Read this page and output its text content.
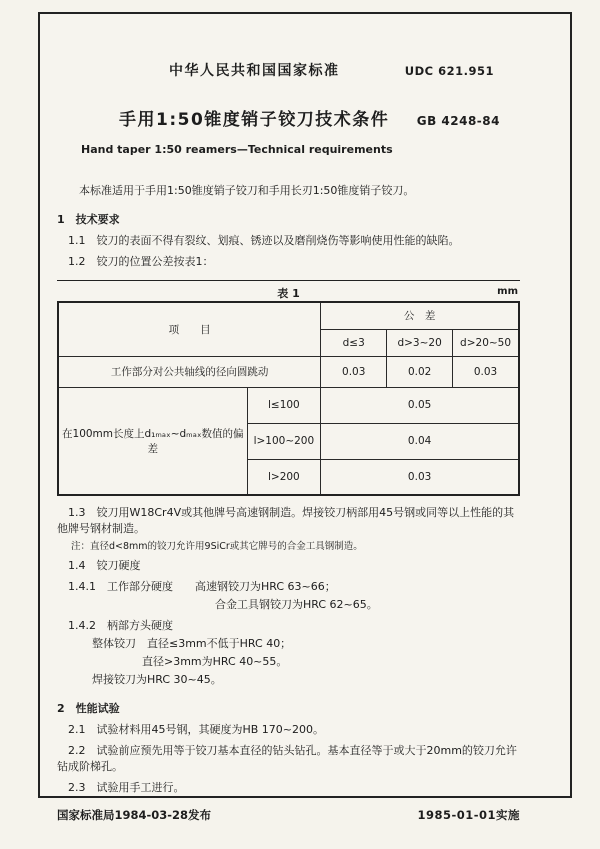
中华人民共和国国家标准	UDC 621.951
手用1:50锥度销子铰刀技术条件 GB 4248-84
Hand taper 1:50 reamers—Technical requirements

本标准适用于手用1:50锥度销子铰刀和手用长刃1:50锥度销子铰刀。

1　技术要求

1.1　铰刀的表面不得有裂纹、划痕、锈迹以及磨削烧伤等影响使用性能的缺陷。

1.2　铰刀的位置公差按表1：

表 1	mm
项　　目		公　差		
		d≤3	d>3~20	d>20~50
工作部分对公共轴线的径向圆跳动		0.03	0.02	0.03
在100mm长度上d₁ₘₐₓ~dₘₐₓ数值的偏差	l≤100	0.05		
	l>100~200	0.04		
	l>200	0.03		

1.3　铰刀用W18Cr4V或其他牌号高速钢制造。焊接铰刀柄部用45号钢或同等以上性能的其他牌号钢材制造。

注：直径d<8mm的铰刀允许用9SiCr或其它牌号的合金工具钢制造。

1.4　铰刀硬度

1.4.1　工作部分硬度　　高速钢铰刀为HRC 63~66；

合金工具钢铰刀为HRC 62~65。

1.4.2　柄部方头硬度

整体铰刀　直径≤3mm不低于HRC 40；

直径>3mm为HRC 40~55。

焊接铰刀为HRC 30~45。

2　性能试验

2.1　试验材料用45号钢，其硬度为HB 170~200。

2.2　试验前应预先用等于铰刀基本直径的钻头钻孔。基本直径等于或大于20mm的铰刀允许钻成阶梯孔。

2.3　试验用手工进行。

国家标准局1984-03-28发布	1985-01-01实施
